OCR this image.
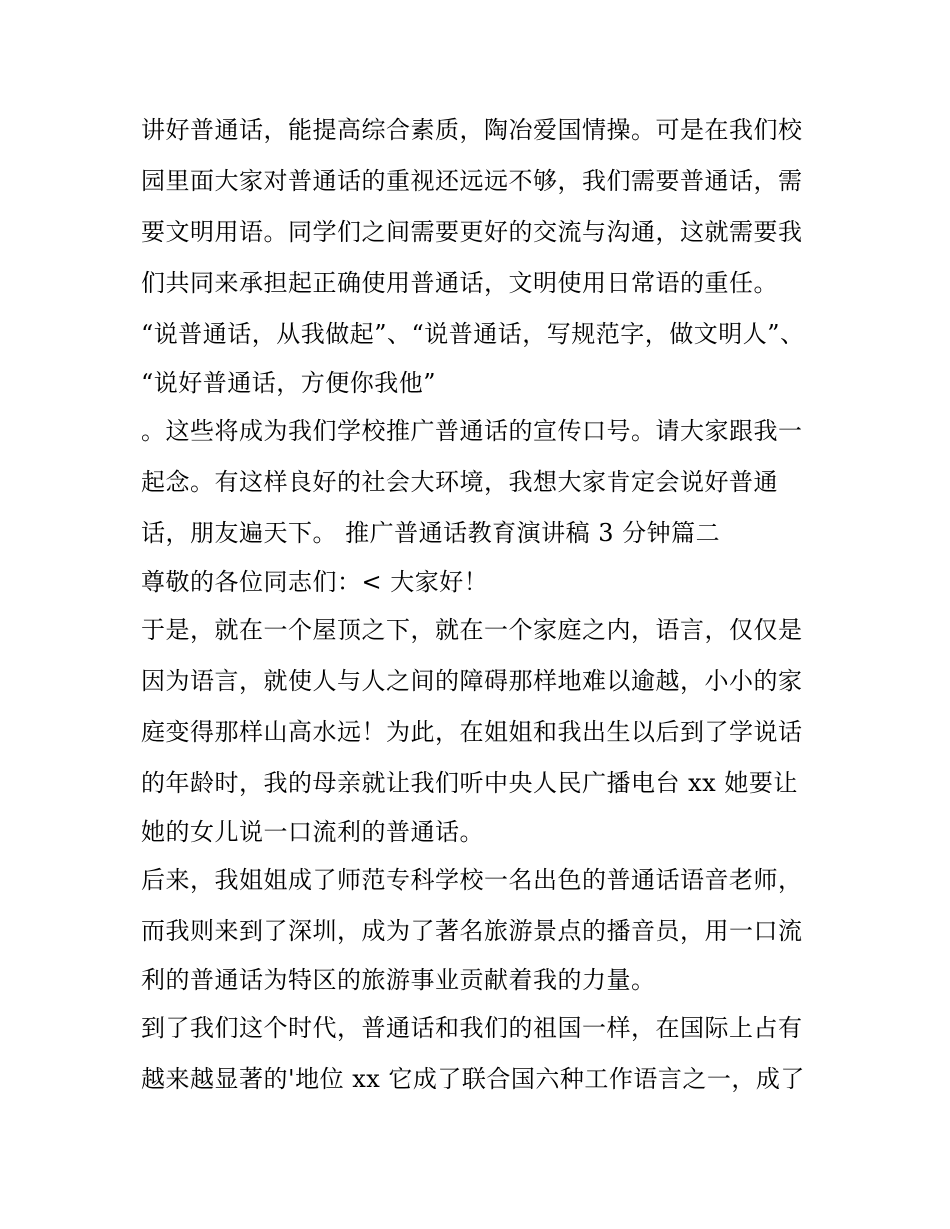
讲好普通话，能提高综合素质，陶冶爱国情操。可是在我们校
园里面大家对普通话的重视还远远不够，我们需要普通话，需
要文明用语。同学们之间需要更好的交流与沟通，这就需要我
们共同来承担起正确使用普通话，文明使用日常语的重任。
“说普通话，从我做起”、“说普通话，写规范字，做文明人”、
“说好普通话，方便你我他”
。这些将成为我们学校推广普通话的宣传口号。请大家跟我一
起念。有这样良好的社会大环境，我想大家肯定会说好普通
话，朋友遍天下。 推广普通话教育演讲稿 3 分钟篇二
尊敬的各位同志们：< 大家好！
于是，就在一个屋顶之下，就在一个家庭之内，语言，仅仅是
因为语言，就使人与人之间的障碍那样地难以逾越，小小的家
庭变得那样山高水远！为此，在姐姐和我出生以后到了学说话
的年龄时，我的母亲就让我们听中央人民广播电台 xx 她要让
她的女儿说一口流利的普通话。
后来，我姐姐成了师范专科学校一名出色的普通话语音老师，
而我则来到了深圳，成为了著名旅游景点的播音员，用一口流
利的普通话为特区的旅游事业贡献着我的力量。
到了我们这个时代，普通话和我们的祖国一样，在国际上占有
越来越显著的'地位 xx 它成了联合国六种工作语言之一，成了
